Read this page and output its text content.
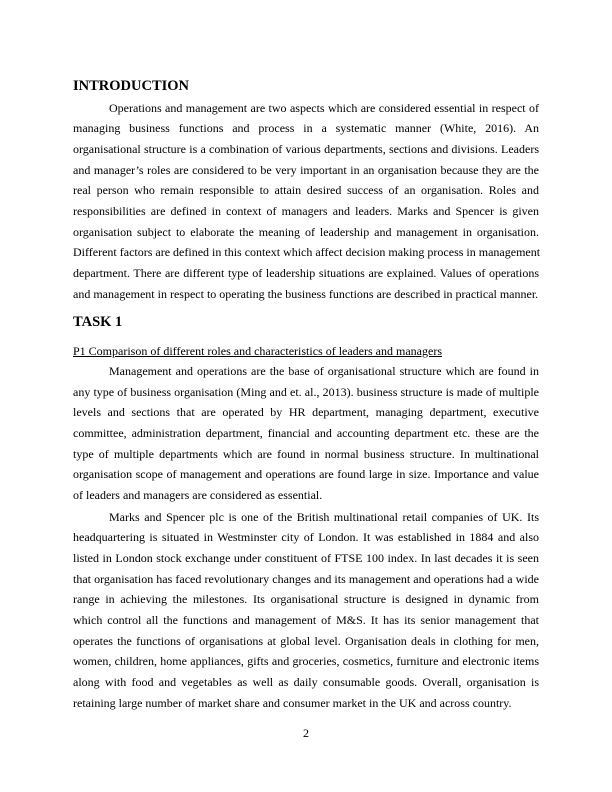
INTRODUCTION
Operations and management are two aspects which are considered essential in respect of
managing business functions and process in a systematic manner (White, 2016). An
organisational structure is a combination of various departments, sections and divisions. Leaders
and manager’s roles are considered to be very important in an organisation because they are the
real person who remain responsible to attain desired success of an organisation. Roles and
responsibilities are defined in context of managers and leaders. Marks and Spencer is given
organisation subject to elaborate the meaning of leadership and management in organisation.
Different factors are defined in this context which affect decision making process in management
department. There are different type of leadership situations are explained. Values of operations
and management in respect to operating the business functions are described in practical manner.
TASK 1
P1 Comparison of different roles and characteristics of leaders and managers
Management and operations are the base of organisational structure which are found in
any type of business organisation (Ming and et. al., 2013). business structure is made of multiple
levels and sections that are operated by HR department, managing department, executive
committee, administration department, financial and accounting department etc. these are the
type of multiple departments which are found in normal business structure. In multinational
organisation scope of management and operations are found large in size. Importance and value
of leaders and managers are considered as essential.
Marks and Spencer plc is one of the British multinational retail companies of UK. Its
headquartering is situated in Westminster city of London. It was established in 1884 and also
listed in London stock exchange under constituent of FTSE 100 index. In last decades it is seen
that organisation has faced revolutionary changes and its management and operations had a wide
range in achieving the milestones. Its organisational structure is designed in dynamic from
which control all the functions and management of M&S. It has its senior management that
operates the functions of organisations at global level. Organisation deals in clothing for men,
women, children, home appliances, gifts and groceries, cosmetics, furniture and electronic items
along with food and vegetables as well as daily consumable goods. Overall, organisation is
retaining large number of market share and consumer market in the UK and across country.
2
